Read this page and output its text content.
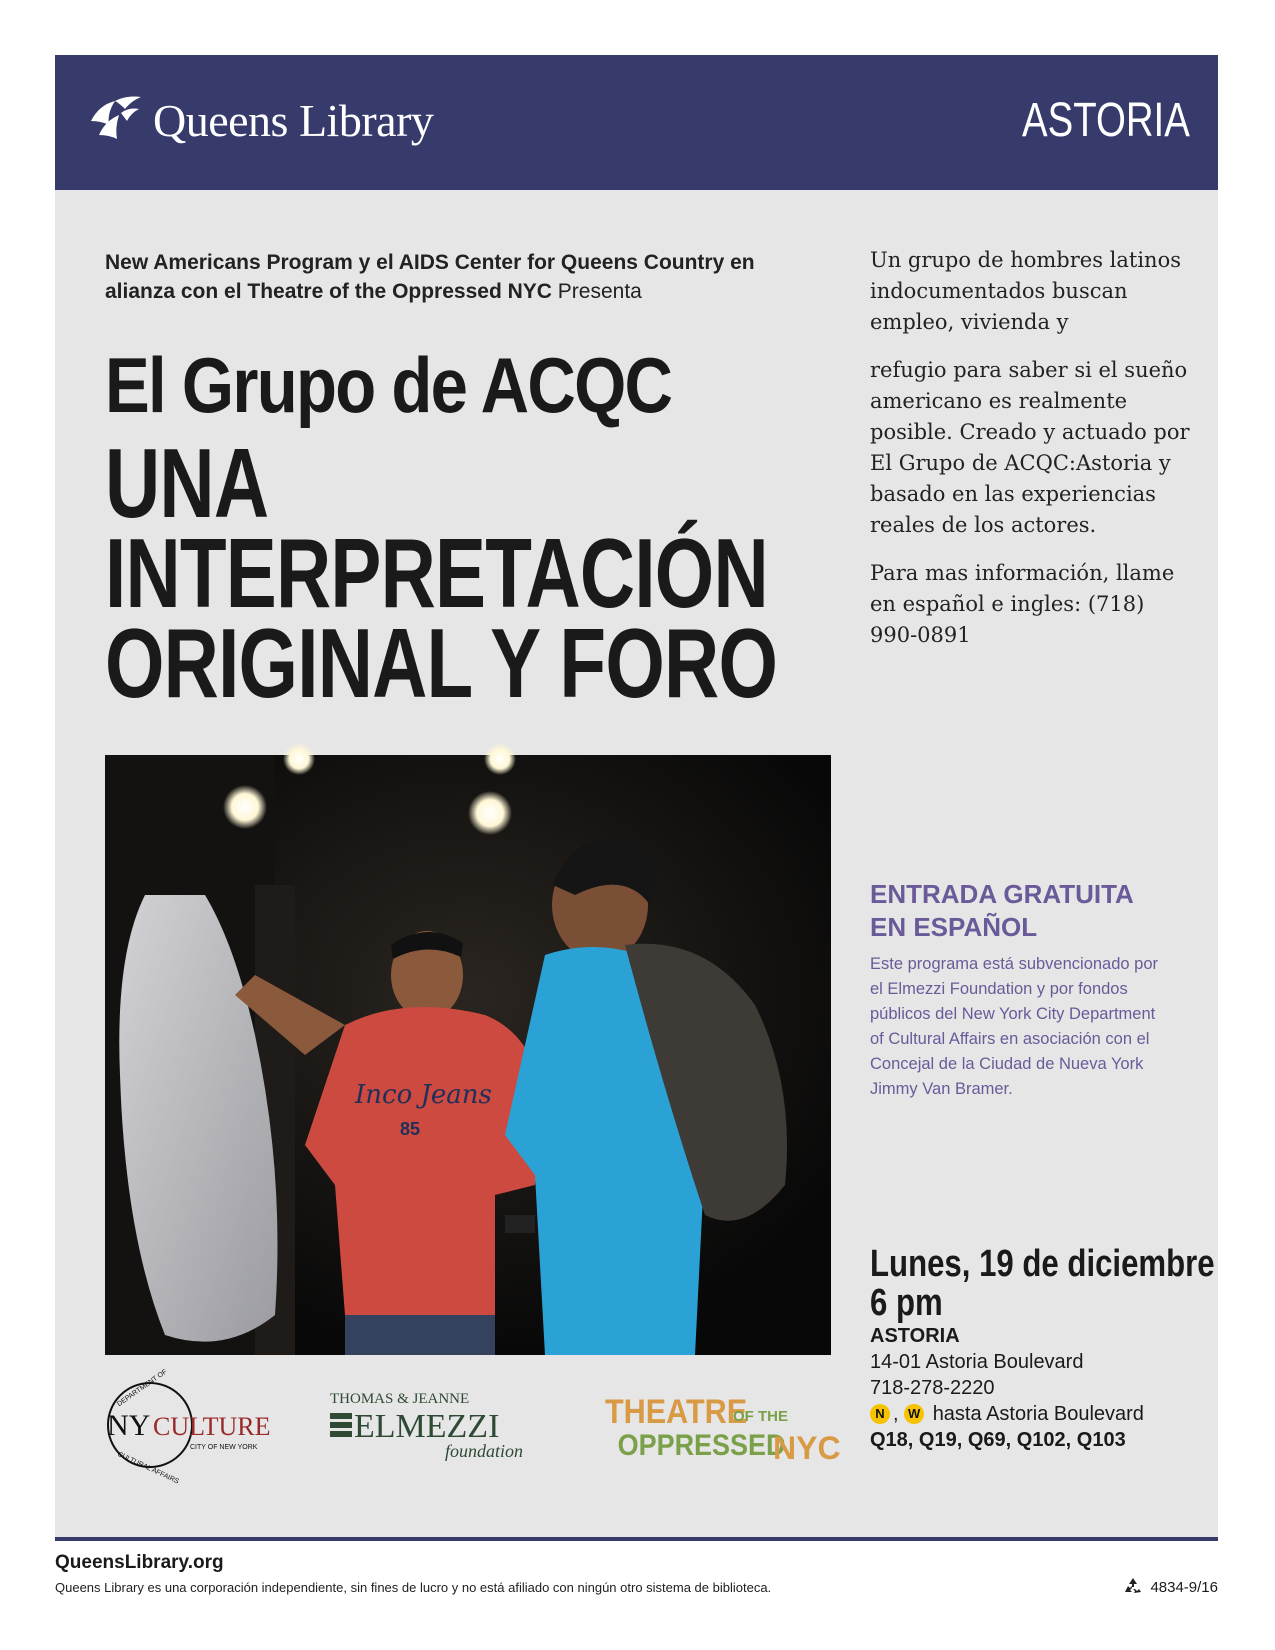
Queens Library	ASTORIA
New Americans Program y el AIDS Center for Queens Country en alianza con el Theatre of the Oppressed NYC Presenta
El Grupo de ACQC
UNA
INTERPRETACIÓN
ORIGINAL Y FORO
Inco Jeans
85
DEPARTMENT OF
CULTURAL AFFAIRS
NY CULTURE
CITY OF NEW YORK
THOMAS & JEANNE
ELMEZZI
foundation
THEATRE
OF THE
OPPRESSED
NYC

Un grupo de hombres latinos indocumentados buscan empleo, vivienda y

refugio para saber si el sueño americano es realmente posible. Creado y actuado por El Grupo de ACQC:Astoria y basado en las experiencias reales de los actores.

Para mas información, llame en español e ingles: (718) 990-0891

ENTRADA GRATUITA
EN ESPAÑOL
Este programa está subvencionado por el Elmezzi Foundation y por fondos públicos del New York City Department of Cultural Affairs en asociación con el Concejal de la Ciudad de Nueva York Jimmy Van Bramer.
Lunes, 19 de diciembre
6 pm
ASTORIA
14-01 Astoria Boulevard
718-278-2220
N , W
hasta Astoria Boulevard
Q18, Q19, Q69, Q102, Q103
QueensLibrary.org
Queens Library es una corporación independiente, sin fines de lucro y no está afiliado con ningún otro sistema de biblioteca.	4834-9/16
